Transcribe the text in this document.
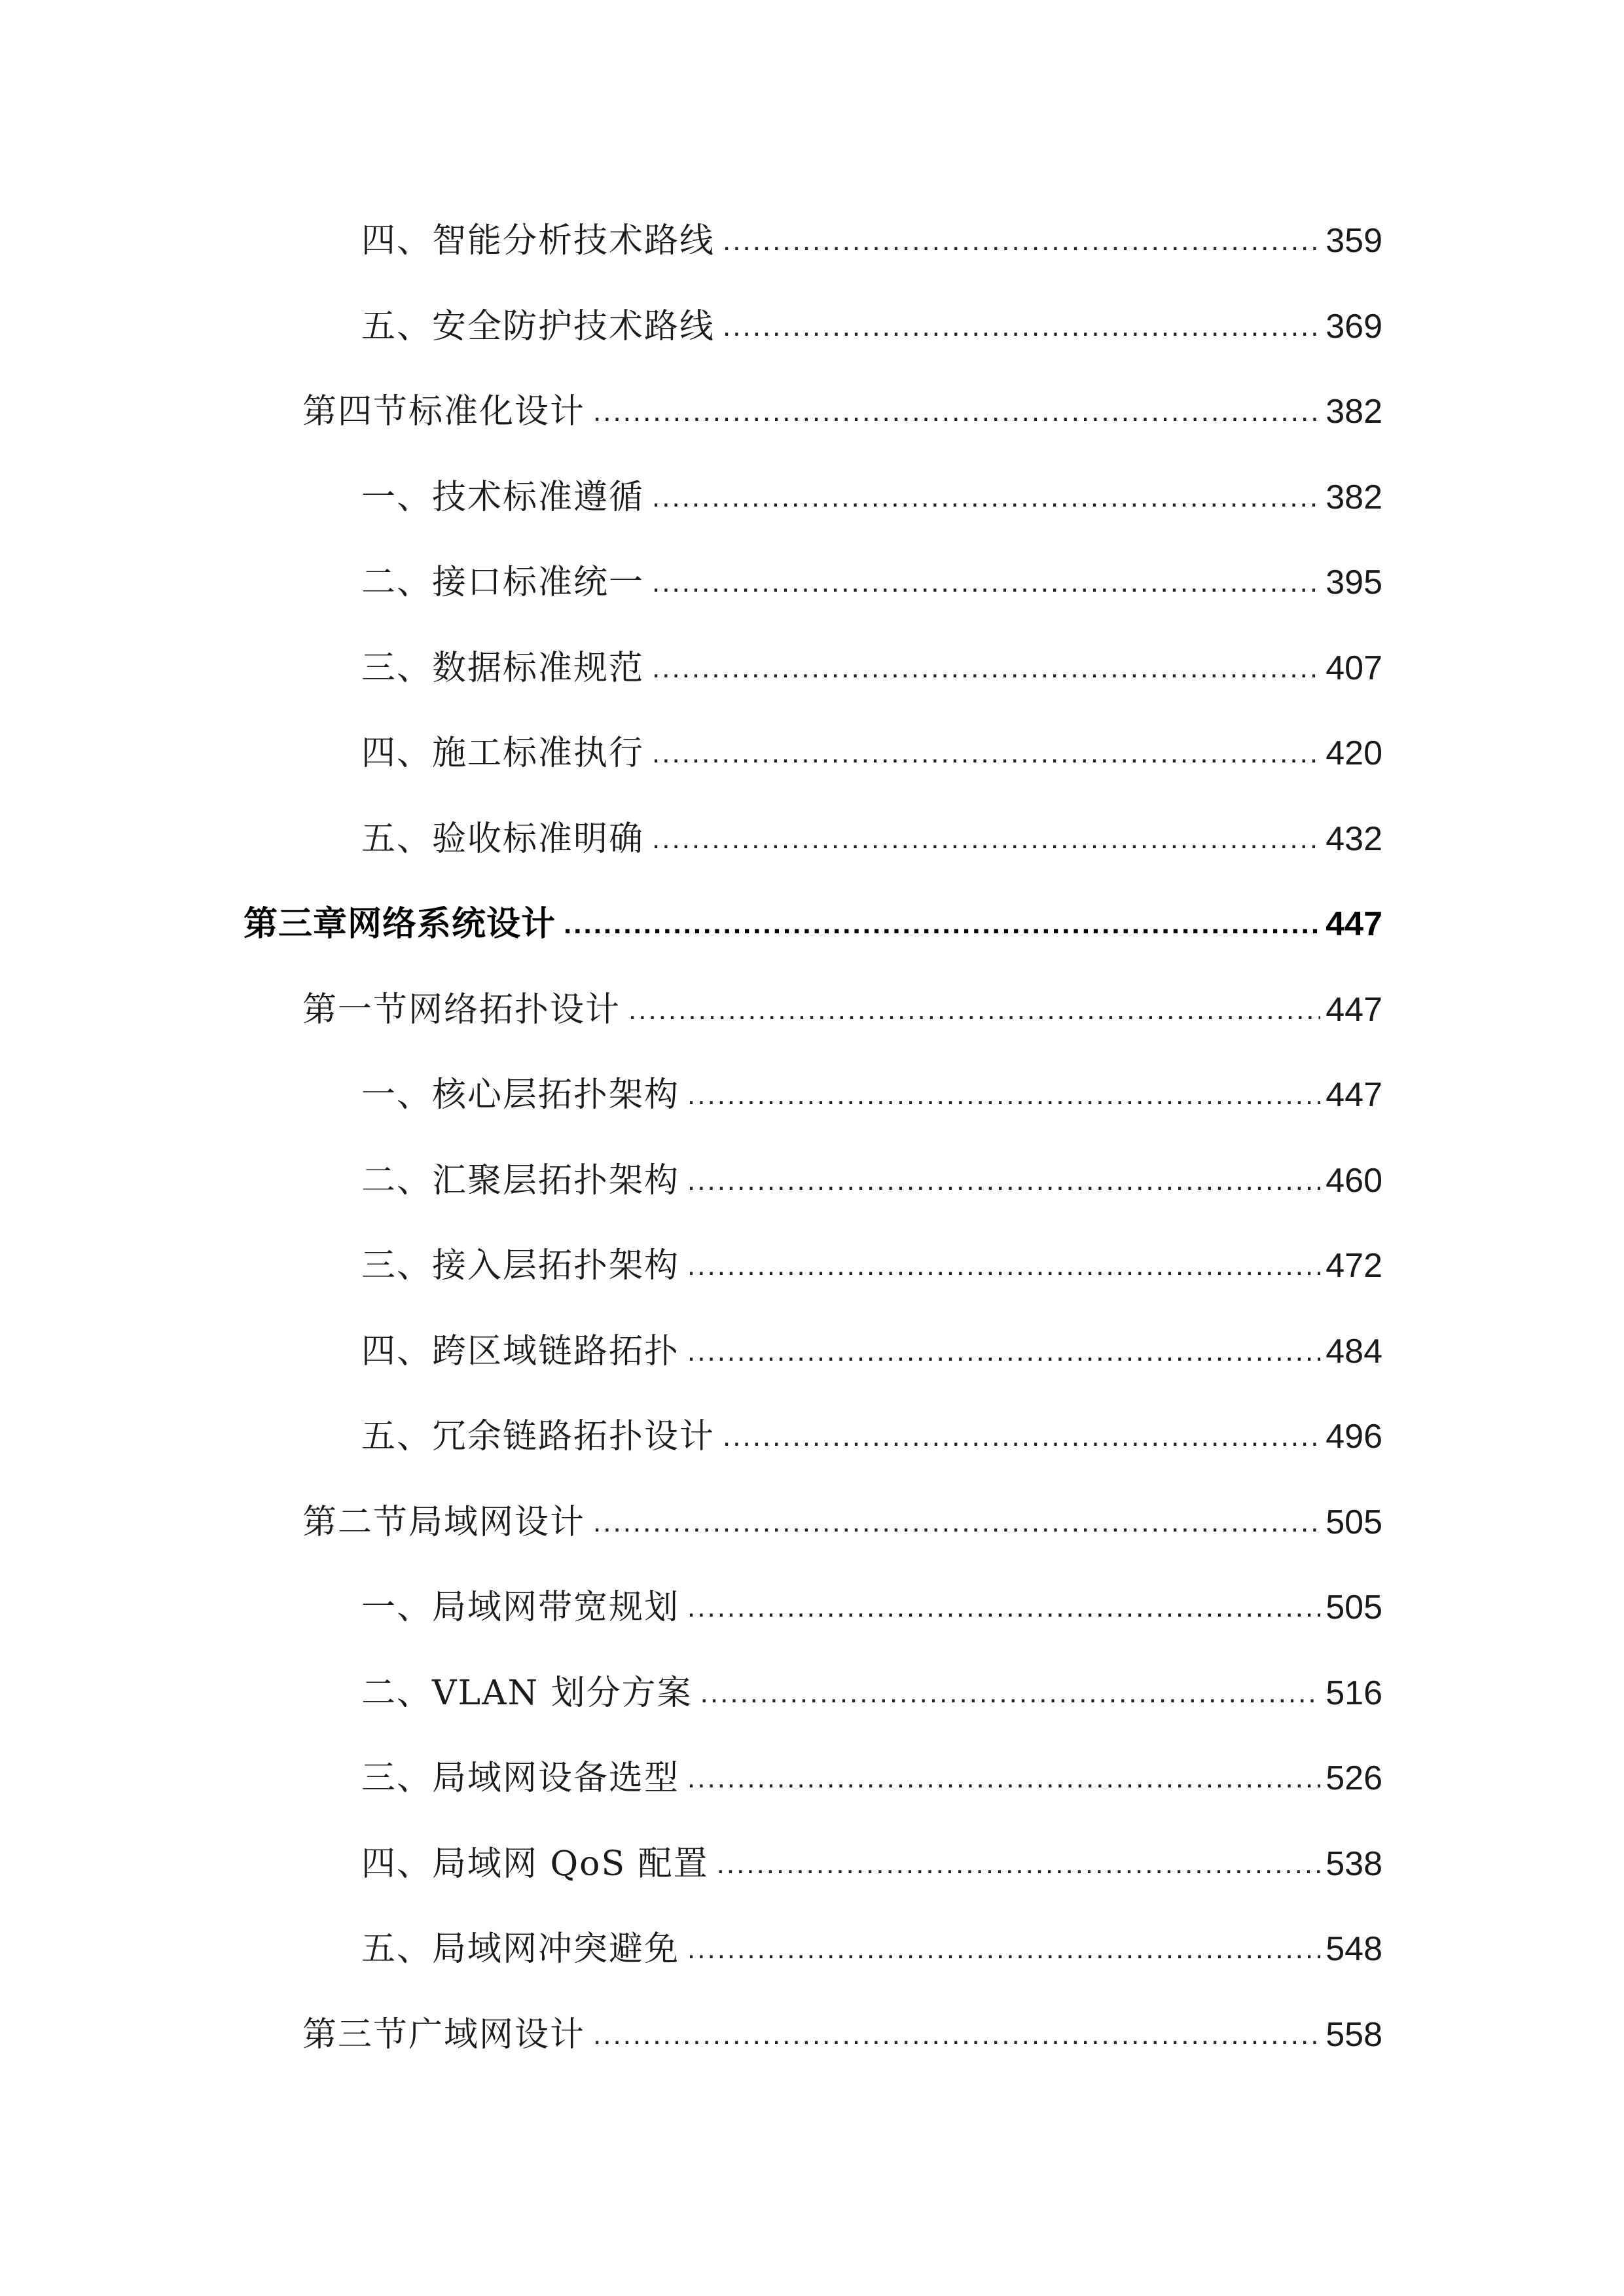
四、智能分析技术路线 .....	359
五、安全防护技术路线 .....	369
第四节标准化设计 .....	382
一、技术标准遵循 .....	382
二、接口标准统一 .....	395
三、数据标准规范 .....	407
四、施工标准执行 .....	420
五、验收标准明确 .....	432
第三章网络系统设计 .....	447
第一节网络拓扑设计 .....	447
一、核心层拓扑架构 .....	447
二、汇聚层拓扑架构 .....	460
三、接入层拓扑架构 .....	472
四、跨区域链路拓扑 .....	484
五、冗余链路拓扑设计 .....	496
第二节局域网设计 .....	505
一、局域网带宽规划 .....	505
二、VLAN 划分方案 .....	516
三、局域网设备选型 .....	526
四、局域网 QoS 配置 .....	538
五、局域网冲突避免 .....	548
第三节广域网设计 .....	558
